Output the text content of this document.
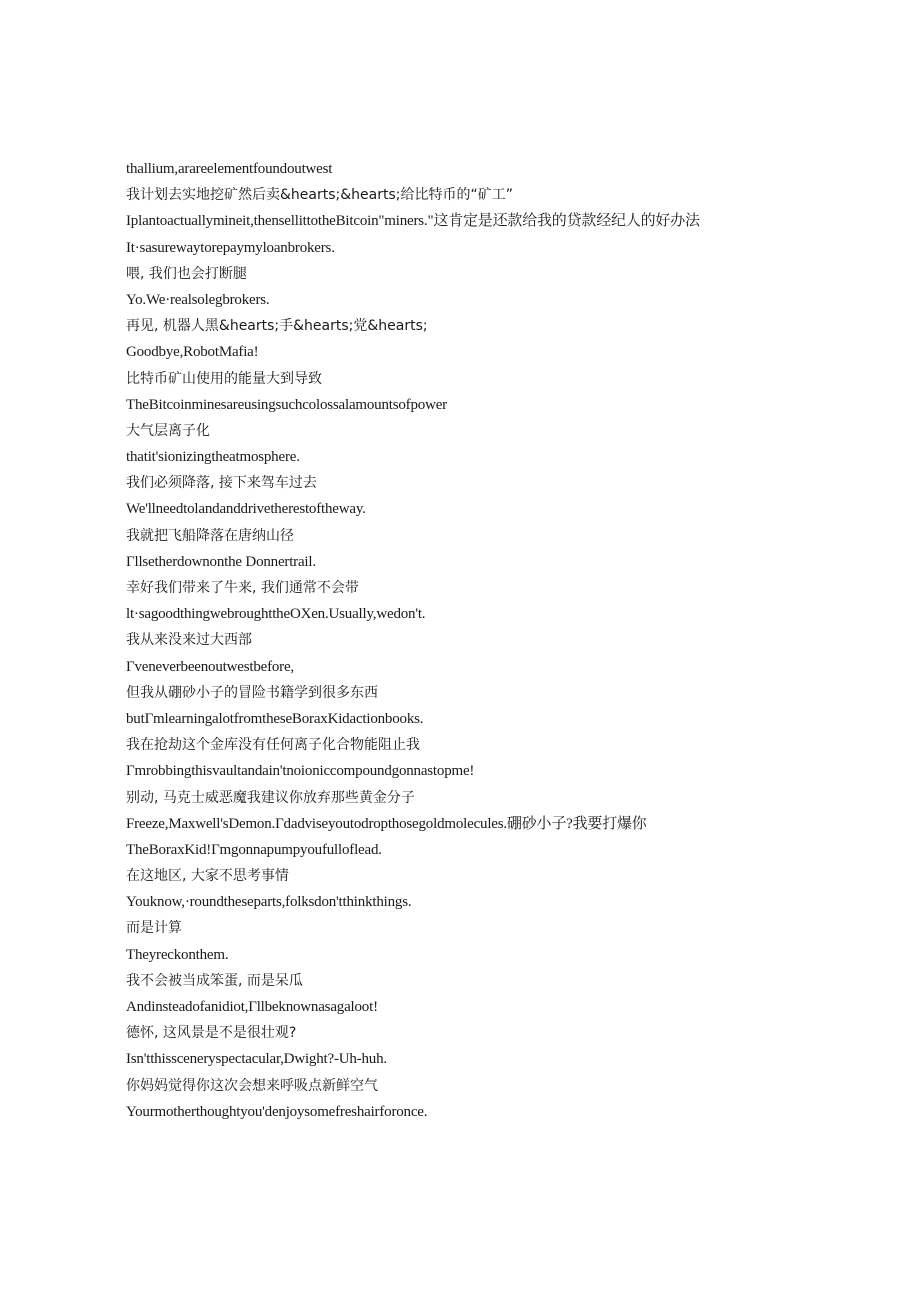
thallium,arareelementfoundoutwest
我计划去实地挖矿然后卖&hearts;&hearts;给比特币的“矿工”
Iplantoactuallymineit,thensellittotheBitcoin"miners."这肯定是还款给我的贷款经纪人的好办法
It·sasurewaytorepaymyloanbrokers.
喂, 我们也会打断腿
Yo.We·realsolegbrokers.
再见, 机器人黑&hearts;手&hearts;党&hearts;
Goodbye,RobotMafia!
比特币矿山使用的能量大到导致
TheBitcoinminesareusingsuchcolossalamountsofpower
大气层离子化
thatit'sionizingtheatmosphere.
我们必须降落, 接下来驾车过去
We'llneedtolandanddrivetherestoftheway.
我就把飞船降落在唐纳山径
Γllsetherdownonthe Donnertrail.
幸好我们带来了牛来, 我们通常不会带
lt·sagoodthingwebroughttheOXen.Usually,wedon't.
我从来没来过大西部
Γveneverbeenoutwestbefore,
但我从硼砂小子的冒险书籍学到很多东西
butΓmlearningalotfromtheseBoraxKidactionbooks.
我在抢劫这个金库没有任何离子化合物能阻止我
Γmrobbingthisvaultandain'tnoioniccompoundgonnastopme!
别动, 马克士威恶魔我建议你放弃那些黄金分子
Freeze,Maxwell'sDemon.Γdadviseyoutodropthosegoldmolecules.硼砂小子?我要打爆你
TheBoraxKid!Γmgonnapumpyoufulloflead.
在这地区, 大家不思考事情
Youknow,·roundtheseparts,folksdon'tthinkthings.
而是计算
Theyreckonthem.
我不会被当成笨蛋, 而是呆瓜
Andinsteadofanidiot,Γllbeknownasagaloot!
德怀, 这风景是不是很壮观?
Isn'tthissceneryspectacular,Dwight?-Uh-huh.
你妈妈觉得你这次会想来呼吸点新鲜空气
Yourmotherthoughtyou'denjoysomefreshairforonce.
